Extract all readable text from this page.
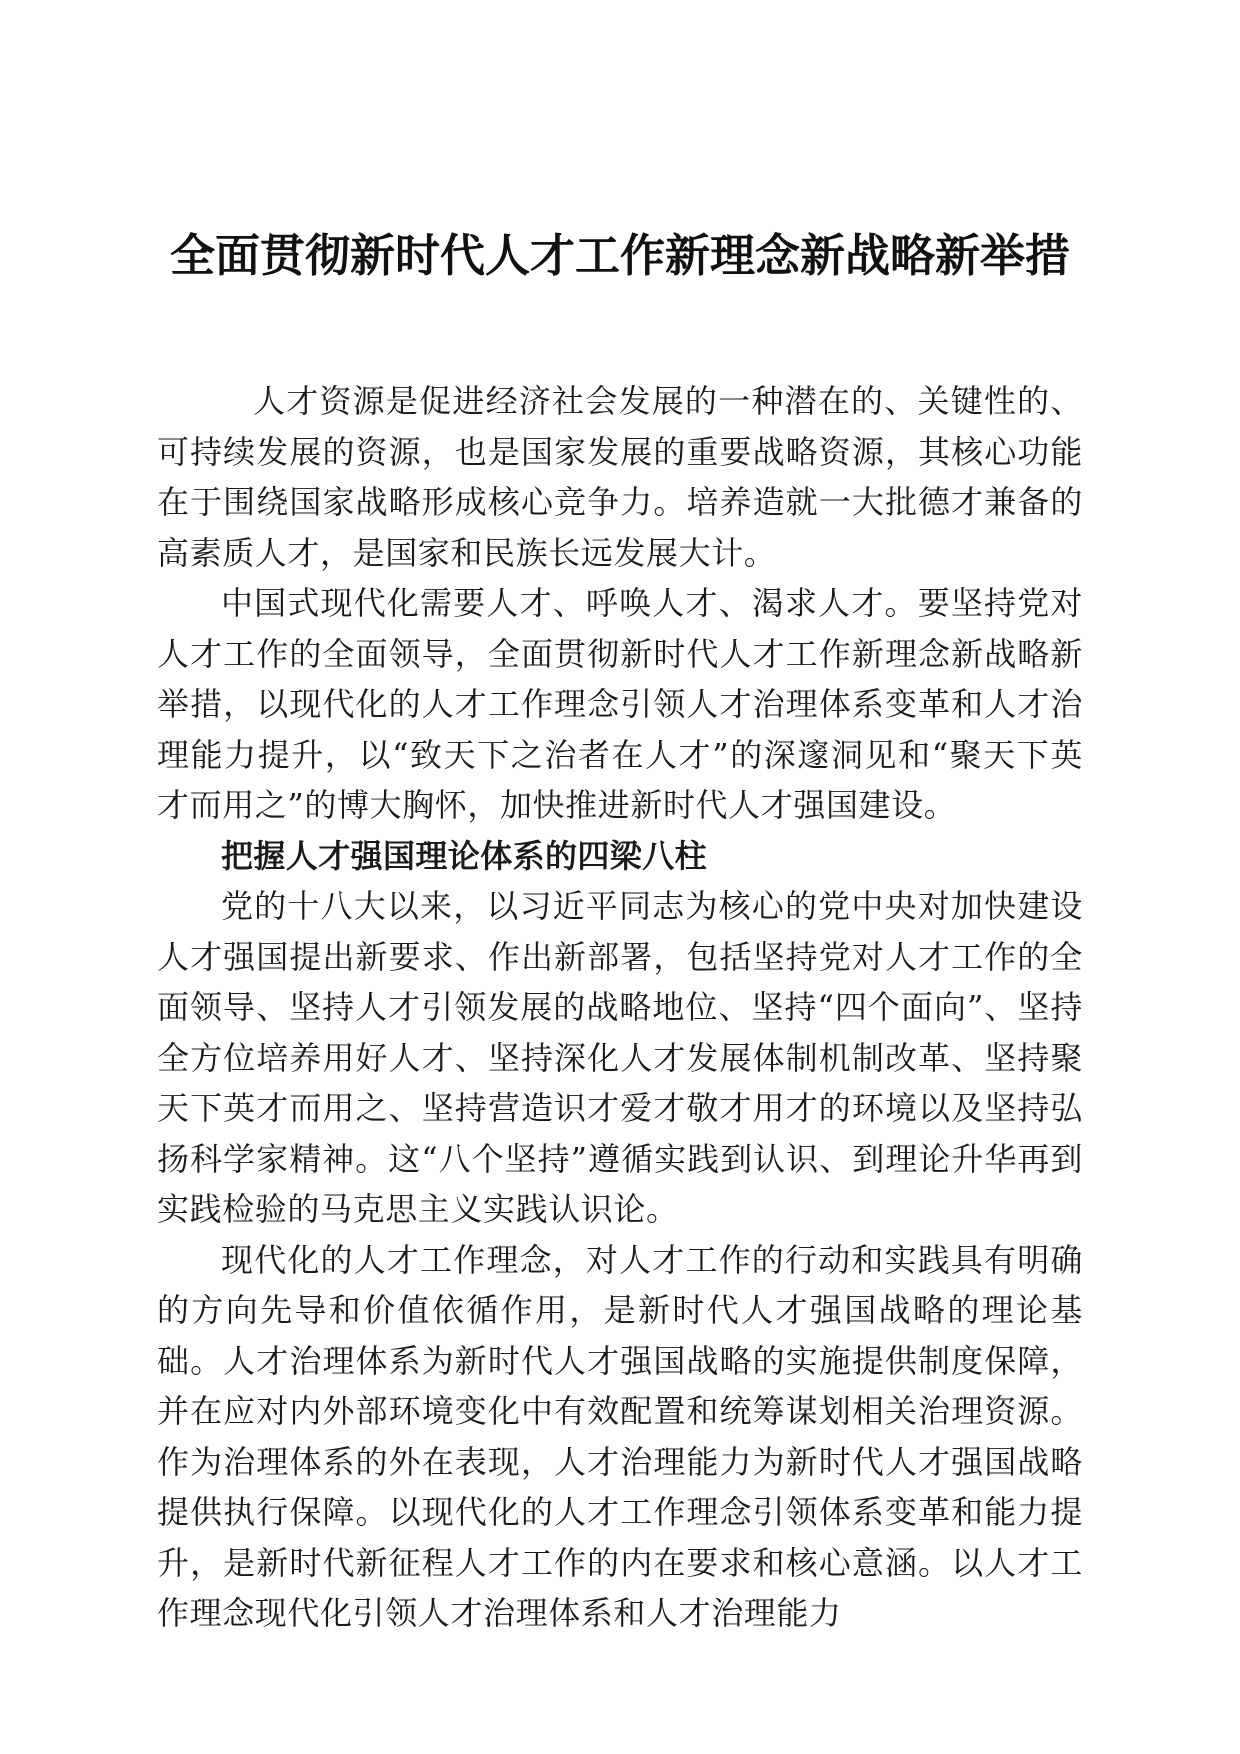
全面贯彻新时代人才工作新理念新战略新举措

人才资源是促进经济社会发展的一种潜在的、关键性的、可持续发展的资源，也是国家发展的重要战略资源，其核心功能在于围绕国家战略形成核心竞争力。培养造就一大批德才兼备的高素质人才，是国家和民族长远发展大计。

中国式现代化需要人才、呼唤人才、渴求人才。要坚持党对人才工作的全面领导，全面贯彻新时代人才工作新理念新战略新举措，以现代化的人才工作理念引领人才治理体系变革和人才治理能力提升，以“致天下之治者在人才”的深邃洞见和“聚天下英才而用之”的博大胸怀，加快推进新时代人才强国建设。

把握人才强国理论体系的四梁八柱

党的十八大以来，以习近平同志为核心的党中央对加快建设人才强国提出新要求、作出新部署，包括坚持党对人才工作的全面领导、坚持人才引领发展的战略地位、坚持“四个面向”、坚持全方位培养用好人才、坚持深化人才发展体制机制改革、坚持聚天下英才而用之、坚持营造识才爱才敬才用才的环境以及坚持弘扬科学家精神。这“八个坚持”遵循实践到认识、到理论升华再到实践检验的马克思主义实践认识论。

现代化的人才工作理念，对人才工作的行动和实践具有明确的方向先导和价值依循作用，是新时代人才强国战略的理论基础。人才治理体系为新时代人才强国战略的实施提供制度保障，并在应对内外部环境变化中有效配置和统筹谋划相关治理资源。作为治理体系的外在表现，人才治理能力为新时代人才强国战略提供执行保障。以现代化的人才工作理念引领体系变革和能力提升，是新时代新征程人才工作的内在要求和核心意涵。以人才工作理念现代化引领人才治理体系和人才治理能力
